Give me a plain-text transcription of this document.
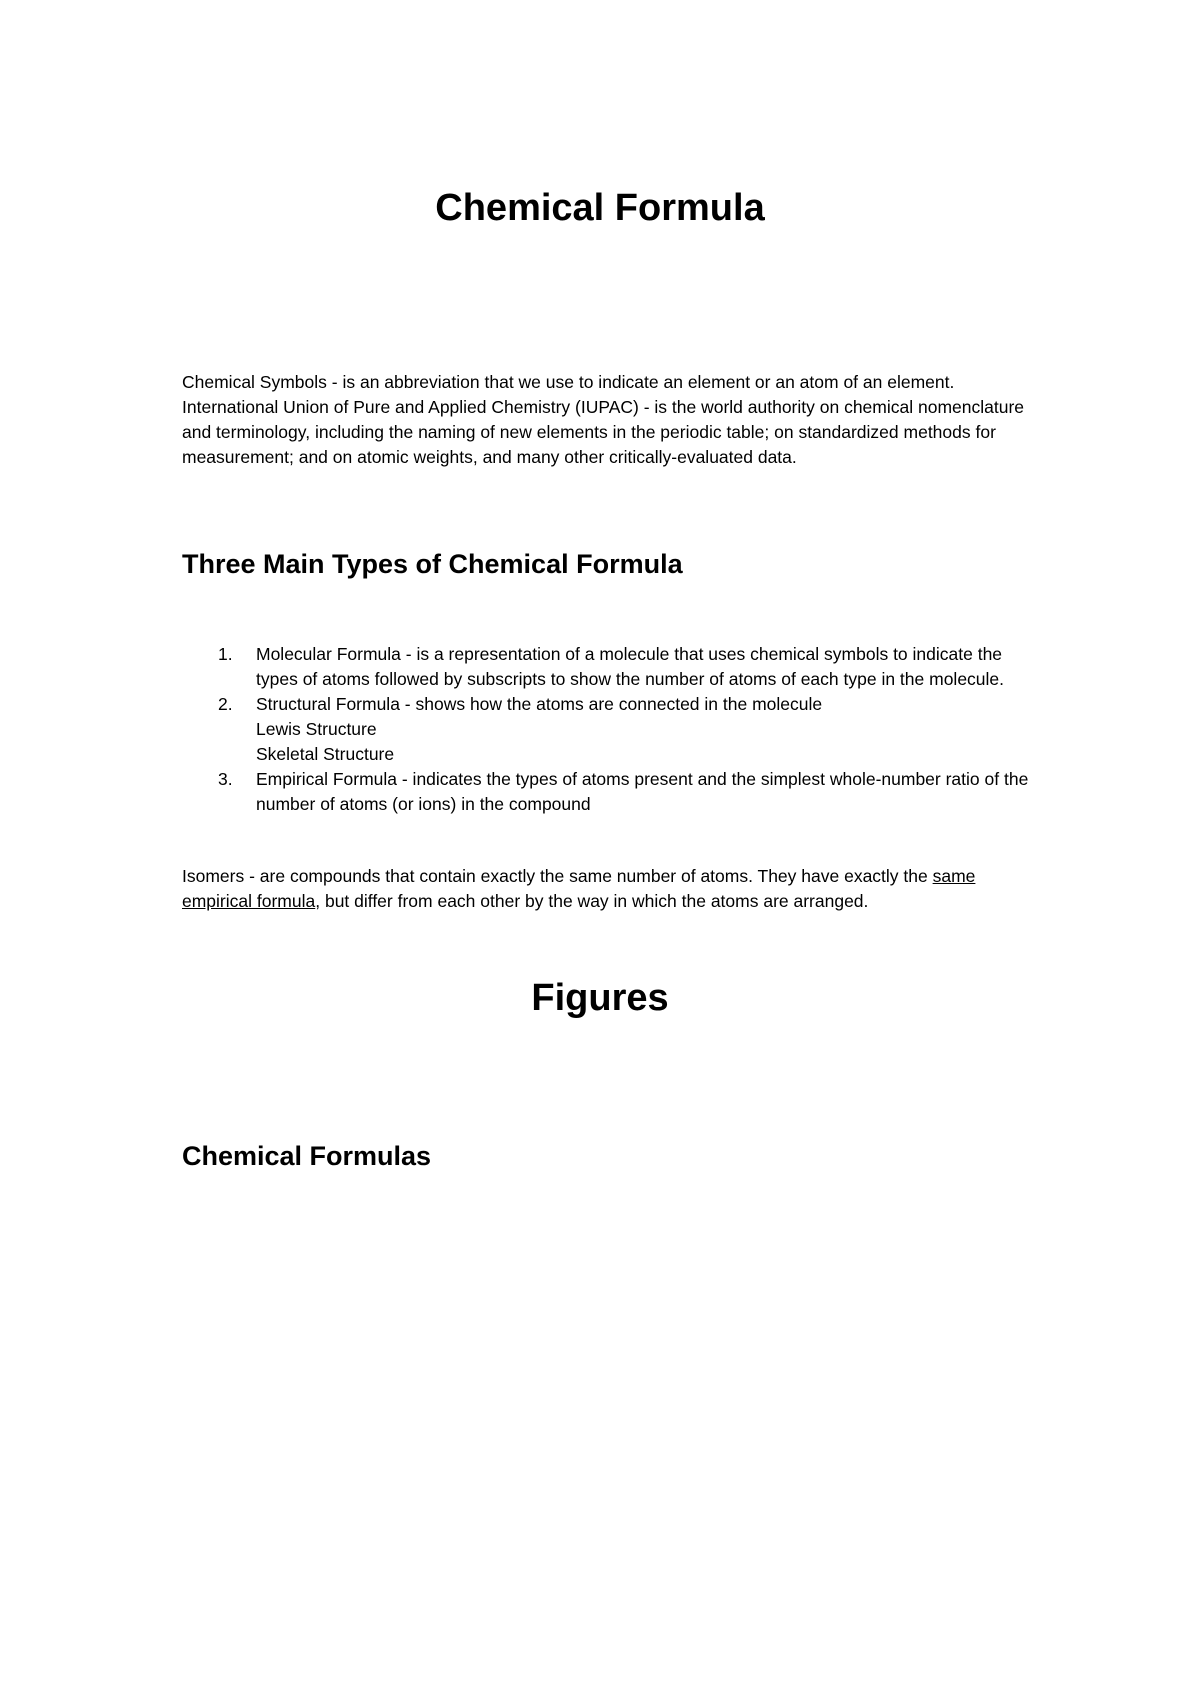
Chemical Formula

Chemical Symbols - is an abbreviation that we use to indicate an element or an atom of an element.
International Union of Pure and Applied Chemistry (IUPAC) - is the world authority on chemical nomenclature and terminology, including the naming of new elements in the periodic table; on standardized methods for measurement; and on atomic weights, and many other critically-evaluated data.

Three Main Types of Chemical Formula
1. Molecular Formula - is a representation of a molecule that uses chemical symbols to indicate the types of atoms followed by subscripts to show the number of atoms of each type in the molecule.
2. Structural Formula - shows how the atoms are connected in the molecule
Lewis Structure
Skeletal Structure
3. Empirical Formula - indicates the types of atoms present and the simplest whole-number ratio of the number of atoms (or ions) in the compound

Isomers - are compounds that contain exactly the same number of atoms. They have exactly the same empirical formula, but differ from each other by the way in which the atoms are arranged.

Figures
Chemical Formulas
